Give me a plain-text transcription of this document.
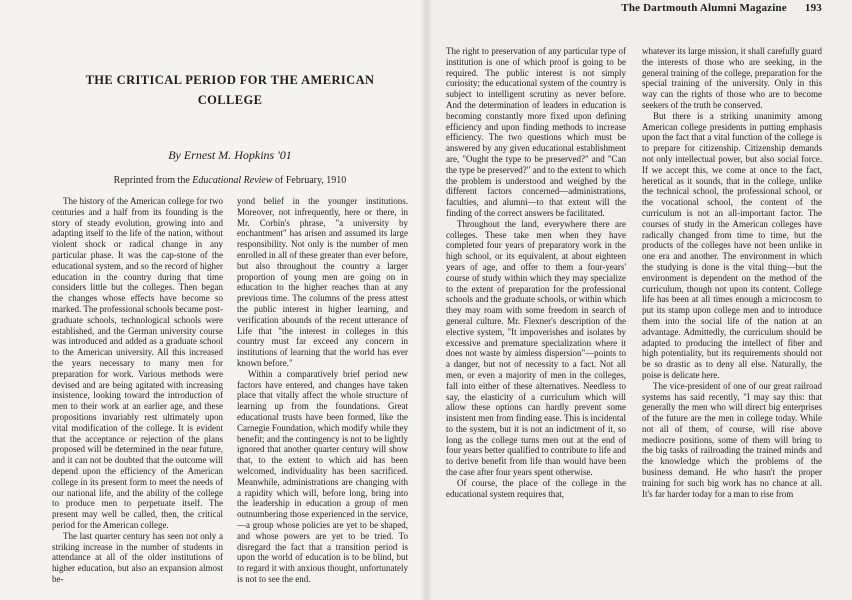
THE CRITICAL PERIOD FOR THE AMERICAN
COLLEGE
By Ernest M. Hopkins '01
Reprinted from the Educational Review of February, 1910

The history of the American college for two centuries and a half from its founding is the story of steady evolution, growing into and adapting itself to the life of the nation, without violent shock or radical change in any particular phase. It was the cap-stone of the educational system, and so the record of higher education in the country during that time considers little but the colleges. Then began the changes whose effects have become so marked. The professional schools became post-graduate schools, technological schools were established, and the German university course was introduced and added as a graduate school to the American university. All this increased the years necessary to many men for preparation for work. Various methods were devised and are being agitated with increasing insistence, looking toward the introduction of men to their work at an earlier age, and these propositions invariably rest ultimately upon vital modification of the college. It is evident that the acceptance or rejection of the plans proposed will be determined in the near future, and it can not be doubted that the outcome will depend upon the efficiency of the American college in its present form to meet the needs of our national life, and the ability of the college to produce men to perpetuate itself. The present may well be called, then, the critical period for the American college.

The last quarter century has seen not only a striking increase in the number of students in attendance at all of the older institutions of higher education, but also an expansion almost be-

yond belief in the younger institutions. Moreover, not infrequently, here or there, in Mr. Corbin's phrase, "a university by enchantment" has arisen and assumed its large responsibility. Not only is the number of men enrolled in all of these greater than ever before, but also throughout the country a larger proportion of young men are going on in education to the higher reaches than at any previous time. The columns of the press attest the public interest in higher learning, and verification abounds of the recent utterance of Life that "the interest in colleges in this country must far exceed any concern in institutions of learning that the world has ever known before."

Within a comparatively brief period new factors have entered, and changes have taken place that vitally affect the whole structure of learning up from the foundations. Great educational trusts have been formed, like the Carnegie Foundation, which modify while they benefit; and the contingency is not to be lightly ignored that another quarter century will show that, to the extent to which aid has been welcomed, individuality has been sacrificed. Meanwhile, administrations are changing with a rapidity which will, before long, bring into the leadership in education a group of men outnumbering those experienced in the service,—a group whose policies are yet to be shaped, and whose powers are yet to be tried. To disregard the fact that a transition period is upon the world of education is to be blind, but to regard it with anxious thought, unfortunately is not to see the end.

The Dartmouth Alumni Magazine 193

The right to preservation of any particular type of institution is one of which proof is going to be required. The public interest is not simply curiosity; the educational system of the country is subject to intelligent scrutiny as never before. And the determination of leaders in education is becoming constantly more fixed upon defining efficiency and upon finding methods to increase efficiency. The two questions which must be answered by any given educational establishment are, "Ought the type to be preserved?" and "Can the type be preserved?" and to the extent to which the problem is understood and weighed by the different factors concerned—administrations, faculties, and alumni—to that extent will the finding of the correct answers be facilitated.

Throughout the land, everywhere there are colleges. These take men when they have completed four years of preparatory work in the high school, or its equivalent, at about eighteen years of age, and offer to them a four-years' course of study within which they may specialize to the extent of preparation for the professional schools and the graduate schools, or within which they may roam with some freedom in search of general culture. Mr. Flexner's description of the elective system, "It impoverishes and isolates by excessive and premature specialization where it does not waste by aimless dispersion"—points to a danger, but not of necessity to a fact. Not all men, or even a majority of men in the colleges, fall into either of these alternatives. Needless to say, the elasticity of a curriculum which will allow these options can hardly prevent some insistent men from finding ease. This is incidental to the system, but it is not an indictment of it, so long as the college turns men out at the end of four years better qualified to contribute to life and to derive benefit from life than would have been the case after four years spent otherwise.

Of course, the place of the college in the educational system requires that,

whatever its large mission, it shall carefully guard the interests of those who are seeking, in the general training of the college, preparation for the special training of the university. Only in this way can the rights of those who are to become seekers of the truth be conserved.

But there is a striking unanimity among American college presidents in putting emphasis upon the fact that a vital function of the college is to prepare for citizenship. Citizenship demands not only intellectual power, but also social force. If we accept this, we come at once to the fact, heretical as it sounds, that in the college, unlike the technical school, the professional school, or the vocational school, the content of the curriculum is not an all-important factor. The courses of study in the American colleges have radically changed from time to time, but the products of the colleges have not been unlike in one era and another. The environment in which the studying is done is the vital thing—but the environment is dependent on the method of the curriculum, though not upon its content. College life has been at all times enough a microcosm to put its stamp upon college men and to introduce them into the social life of the nation at an advantage. Admittedly, the curriculum should be adapted to producing the intellect of fiber and high potentiality, but its requirements should not be so drastic as to deny all else. Naturally, the poise is delicate here.

The vice-president of one of our great railroad systems has said recently, "I may say this: that generally the men who will direct big enterprises of the future are the men in college today. While not all of them, of course, will rise above mediocre positions, some of them will bring to the big tasks of railroading the trained minds and the knowledge which the problems of the business demand. He who hasn't the proper training for such big work has no chance at all. It's far harder today for a man to rise from
